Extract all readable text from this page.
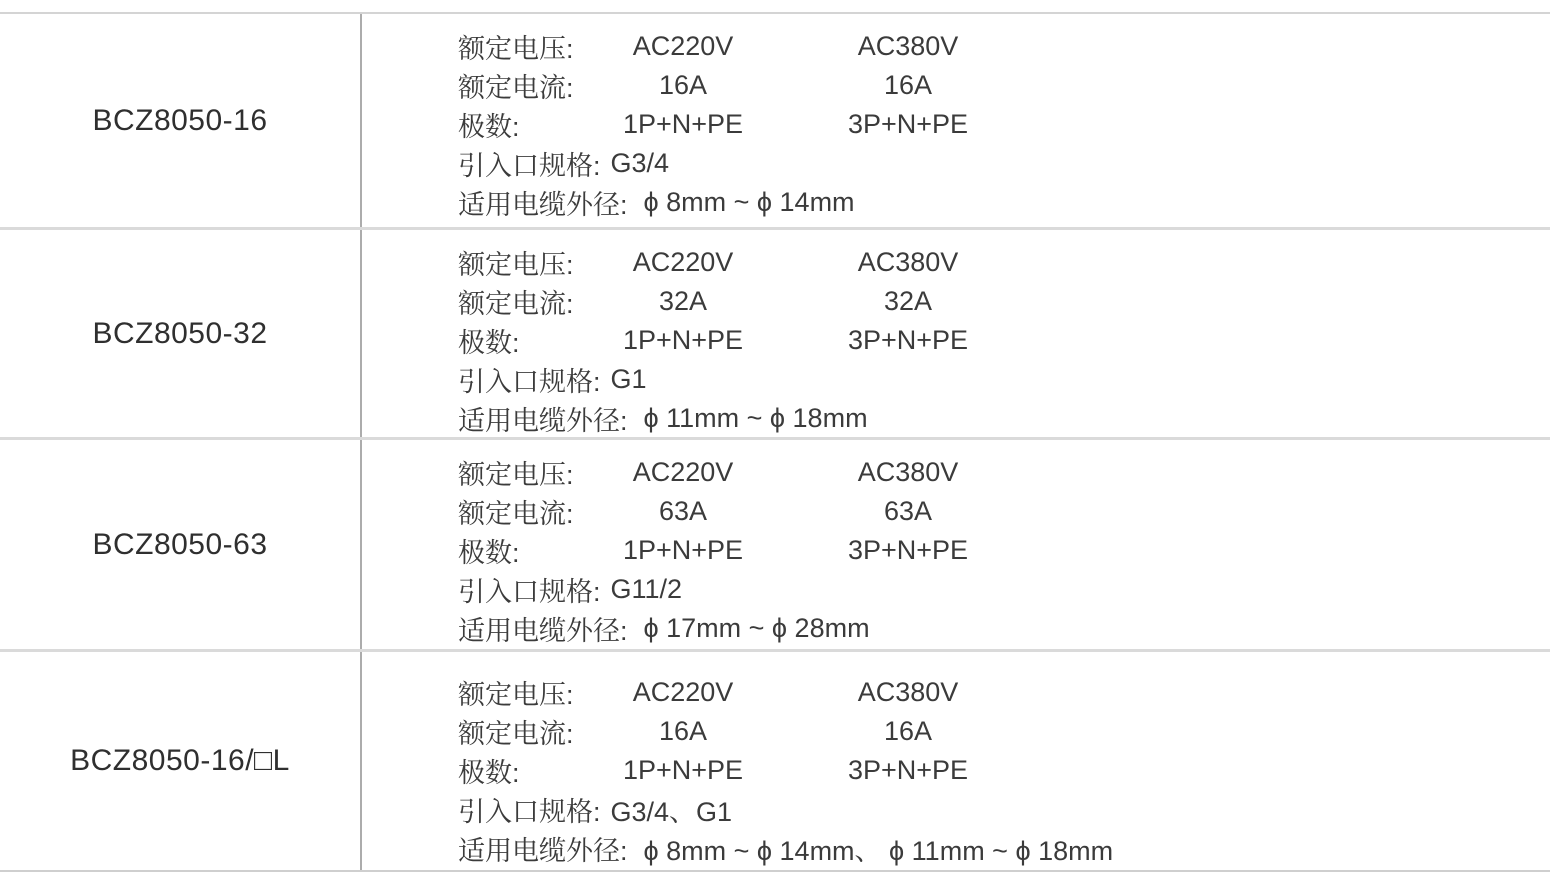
BCZ8050-16
额定电压:	AC220V	AC380V
额定电流:	16A	16A
极数:	1P+N+PE	3P+N+PE
引入口规格: G3/4
适用电缆外径: ϕ 8mm ~ ϕ 14mm
BCZ8050-32
额定电压:	AC220V	AC380V
额定电流:	32A	32A
极数:	1P+N+PE	3P+N+PE
引入口规格: G1
适用电缆外径: ϕ 11mm ~ ϕ 18mm
BCZ8050-63
额定电压:	AC220V	AC380V
额定电流:	63A	63A
极数:	1P+N+PE	3P+N+PE
引入口规格: G11/2
适用电缆外径: ϕ 17mm ~ ϕ 28mm
BCZ8050-16/□L
额定电压:	AC220V	AC380V
额定电流:	16A	16A
极数:	1P+N+PE	3P+N+PE
引入口规格: G3/4、G1
适用电缆外径: ϕ 8mm ~ ϕ 14mm、 ϕ 11mm ~ ϕ 18mm
